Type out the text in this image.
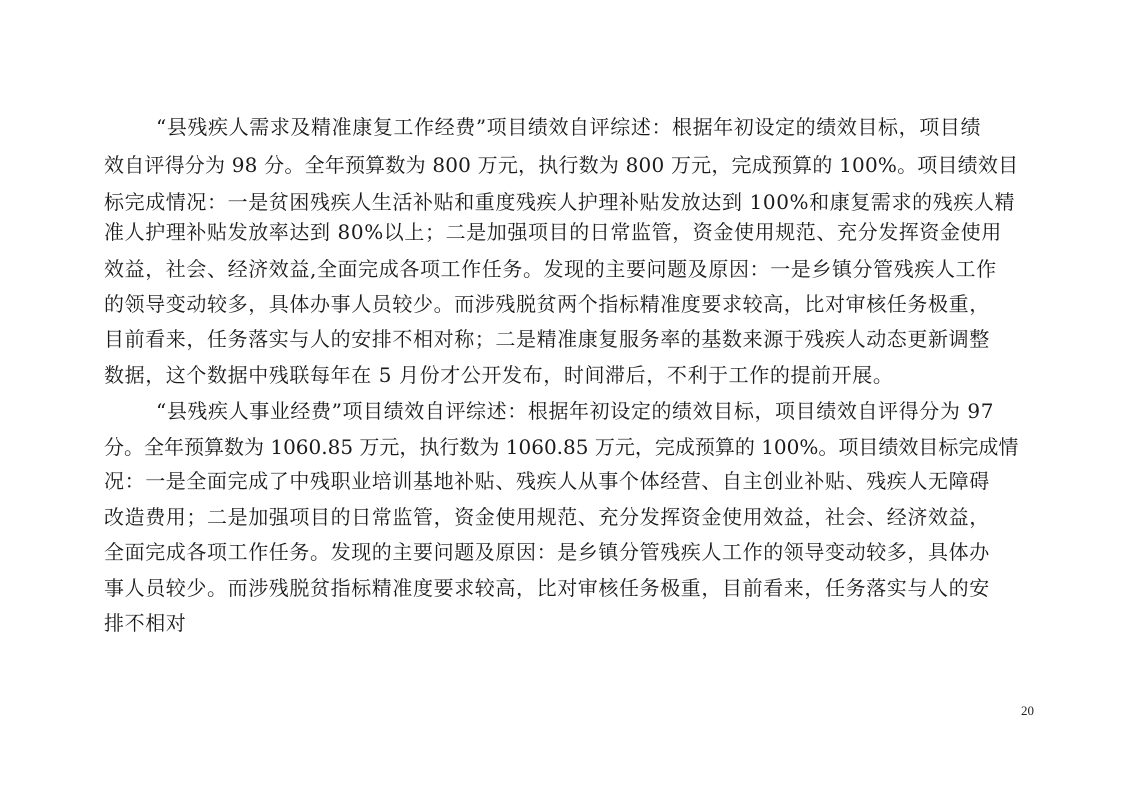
“县残疾人需求及精准康复工作经费”项目绩效自评综述：根据年初设定的绩效目标，项目绩
效自评得分为 98 分。全年预算数为 800 万元，执行数为 800 万元，完成预算的 100%。项目绩效目
标完成情况：一是贫困残疾人生活补贴和重度残疾人护理补贴发放达到 100%和康复需求的残疾人精
准人护理补贴发放率达到 80%以上；二是加强项目的日常监管，资金使用规范、充分发挥资金使用
效益，社会、经济效益,全面完成各项工作任务。发现的主要问题及原因：一是乡镇分管残疾人工作
的领导变动较多，具体办事人员较少。而涉残脱贫两个指标精准度要求较高，比对审核任务极重，
目前看来，任务落实与人的安排不相对称；二是精准康复服务率的基数来源于残疾人动态更新调整
数据，这个数据中残联每年在 5 月份才公开发布，时间滞后，不利于工作的提前开展。
“县残疾人事业经费”项目绩效自评综述：根据年初设定的绩效目标，项目绩效自评得分为 97
分。全年预算数为 1060.85 万元，执行数为 1060.85 万元，完成预算的 100%。项目绩效目标完成情
况：一是全面完成了中残职业培训基地补贴、残疾人从事个体经营、自主创业补贴、残疾人无障碍
改造费用；二是加强项目的日常监管，资金使用规范、充分发挥资金使用效益，社会、经济效益，
全面完成各项工作任务。发现的主要问题及原因：是乡镇分管残疾人工作的领导变动较多，具体办
事人员较少。而涉残脱贫指标精准度要求较高，比对审核任务极重，目前看来，任务落实与人的安
排不相对
20
